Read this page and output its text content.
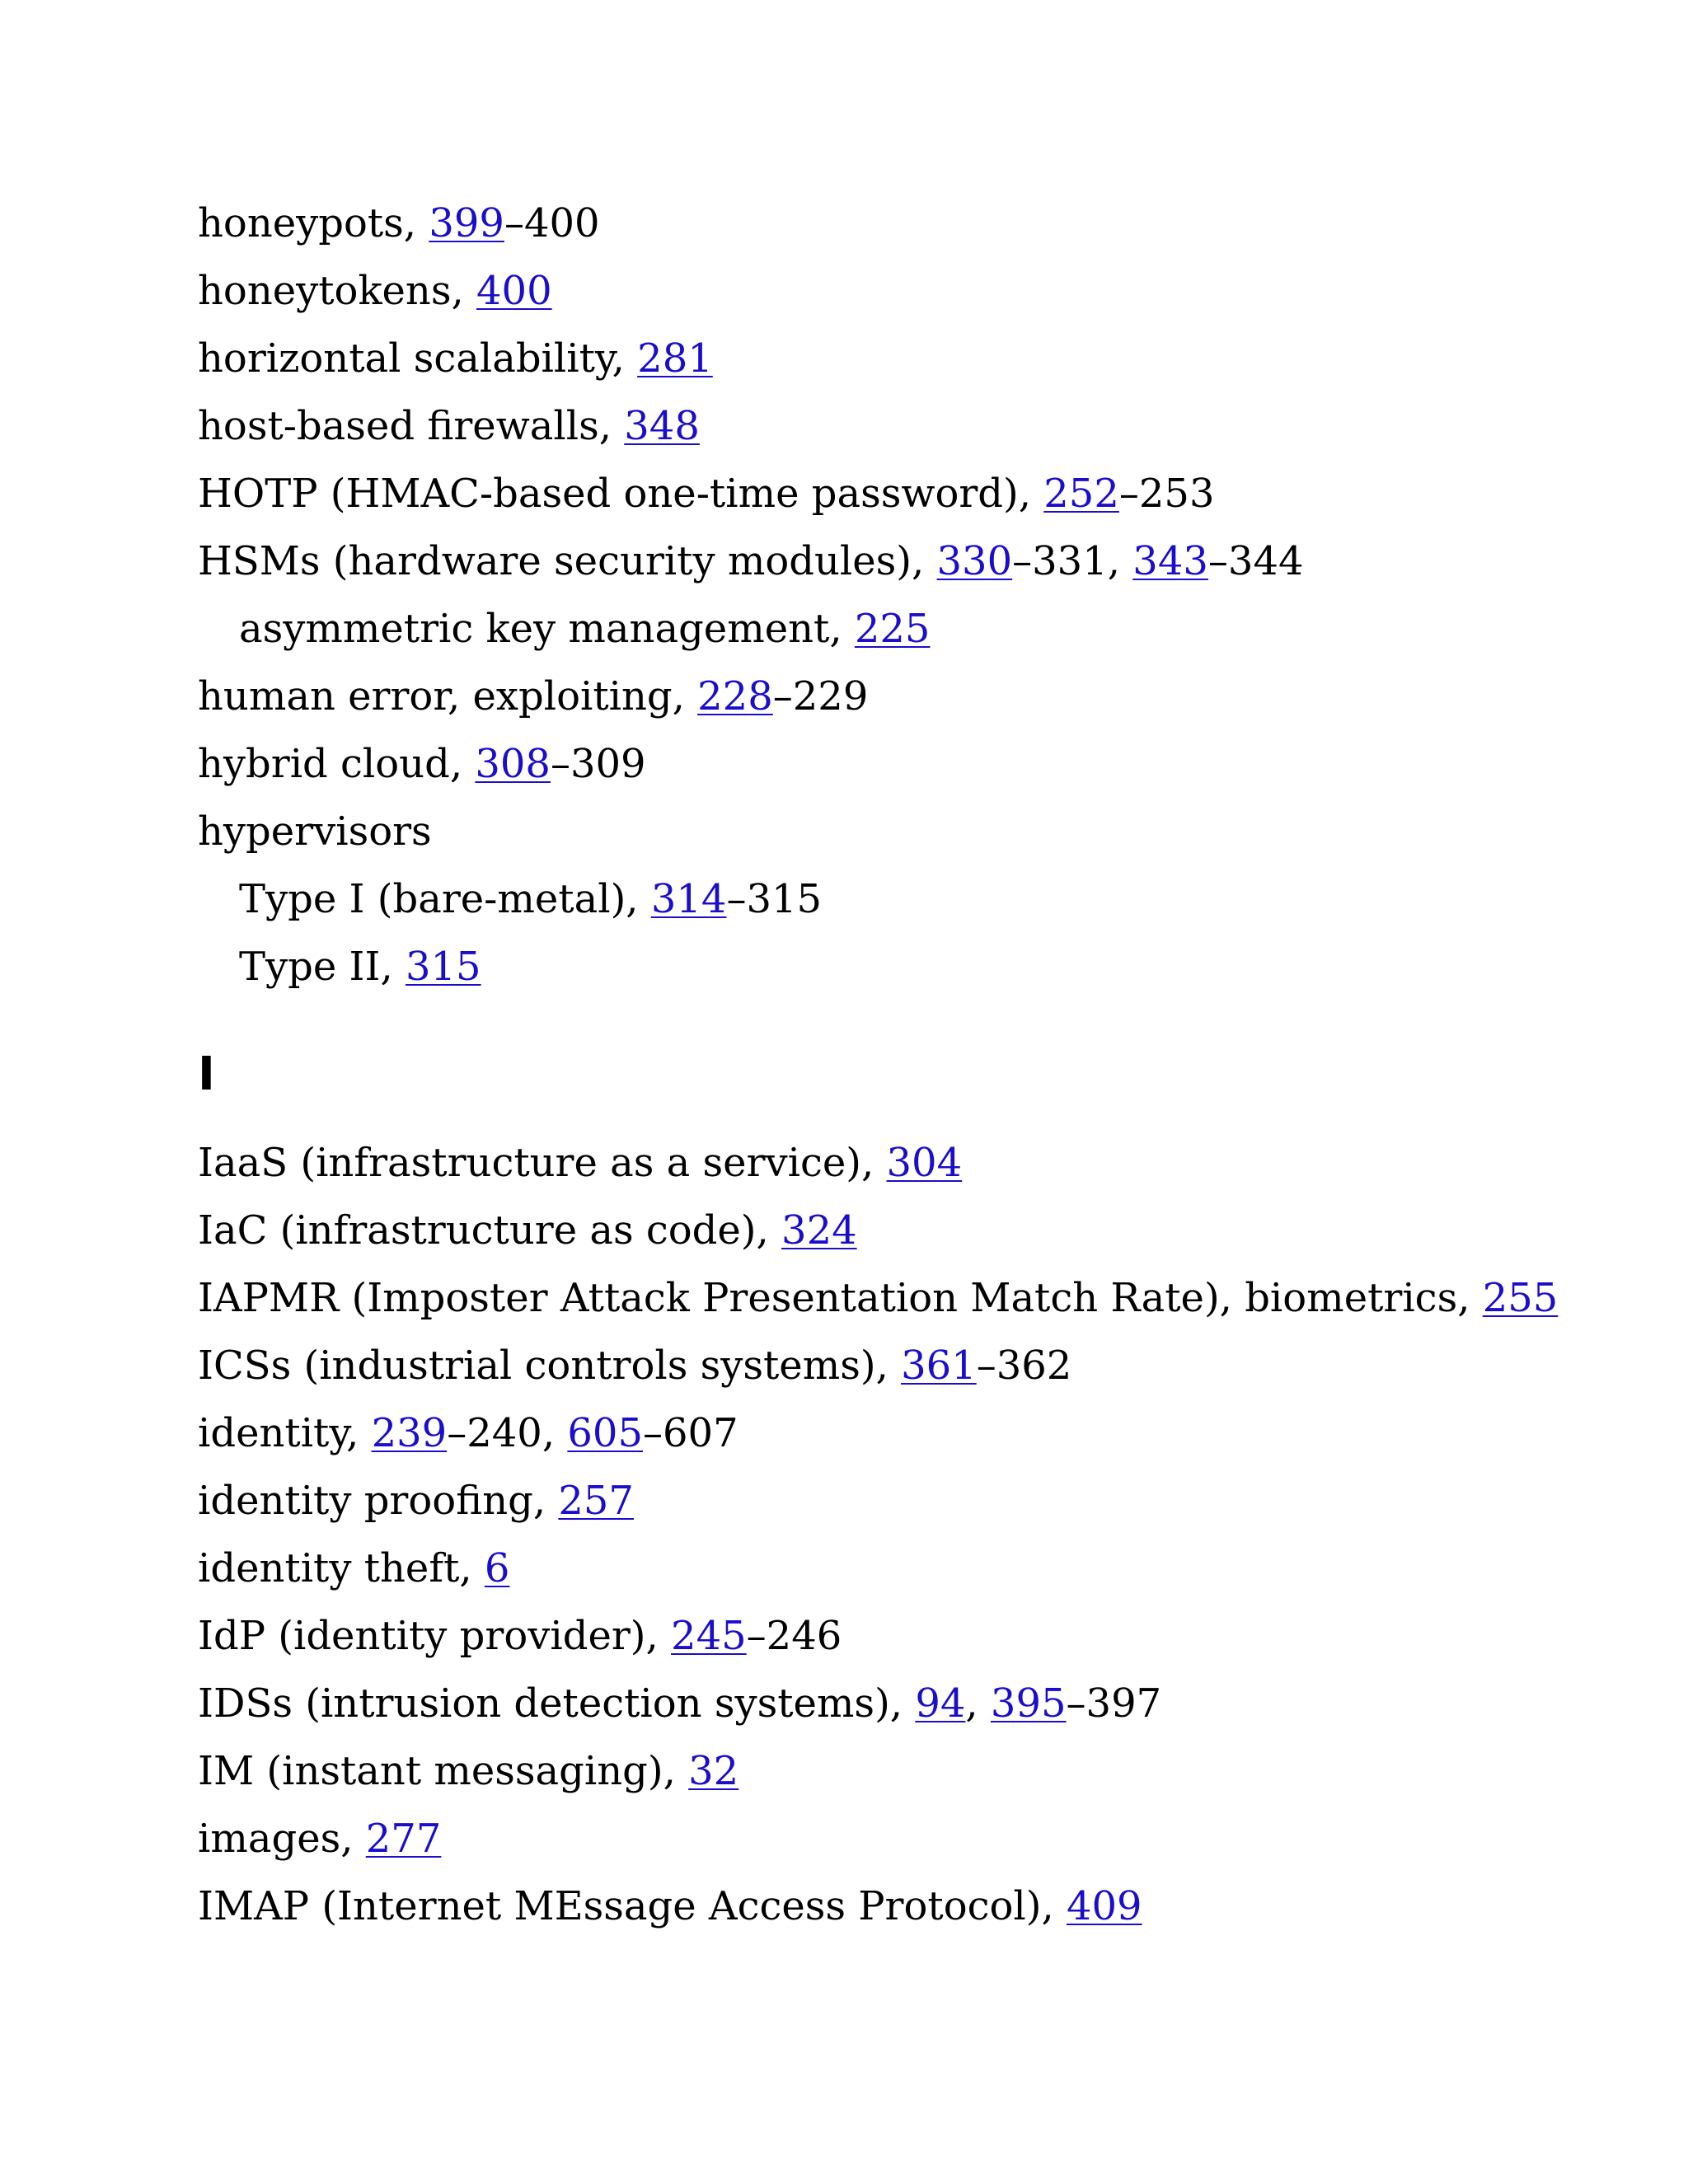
honeypots, 399–400
honeytokens, 400
horizontal scalability, 281
host-based firewalls, 348
HOTP (HMAC-based one-time password), 252–253
HSMs (hardware security modules), 330–331, 343–344
asymmetric key management, 225
human error, exploiting, 228–229
hybrid cloud, 308–309
hypervisors
Type I (bare-metal), 314–315
Type II, 315
I
IaaS (infrastructure as a service), 304
IaC (infrastructure as code), 324
IAPMR (Imposter Attack Presentation Match Rate), biometrics, 255
ICSs (industrial controls systems), 361–362
identity, 239–240, 605–607
identity proofing, 257
identity theft, 6
IdP (identity provider), 245–246
IDSs (intrusion detection systems), 94, 395–397
IM (instant messaging), 32
images, 277
IMAP (Internet MEssage Access Protocol), 409
